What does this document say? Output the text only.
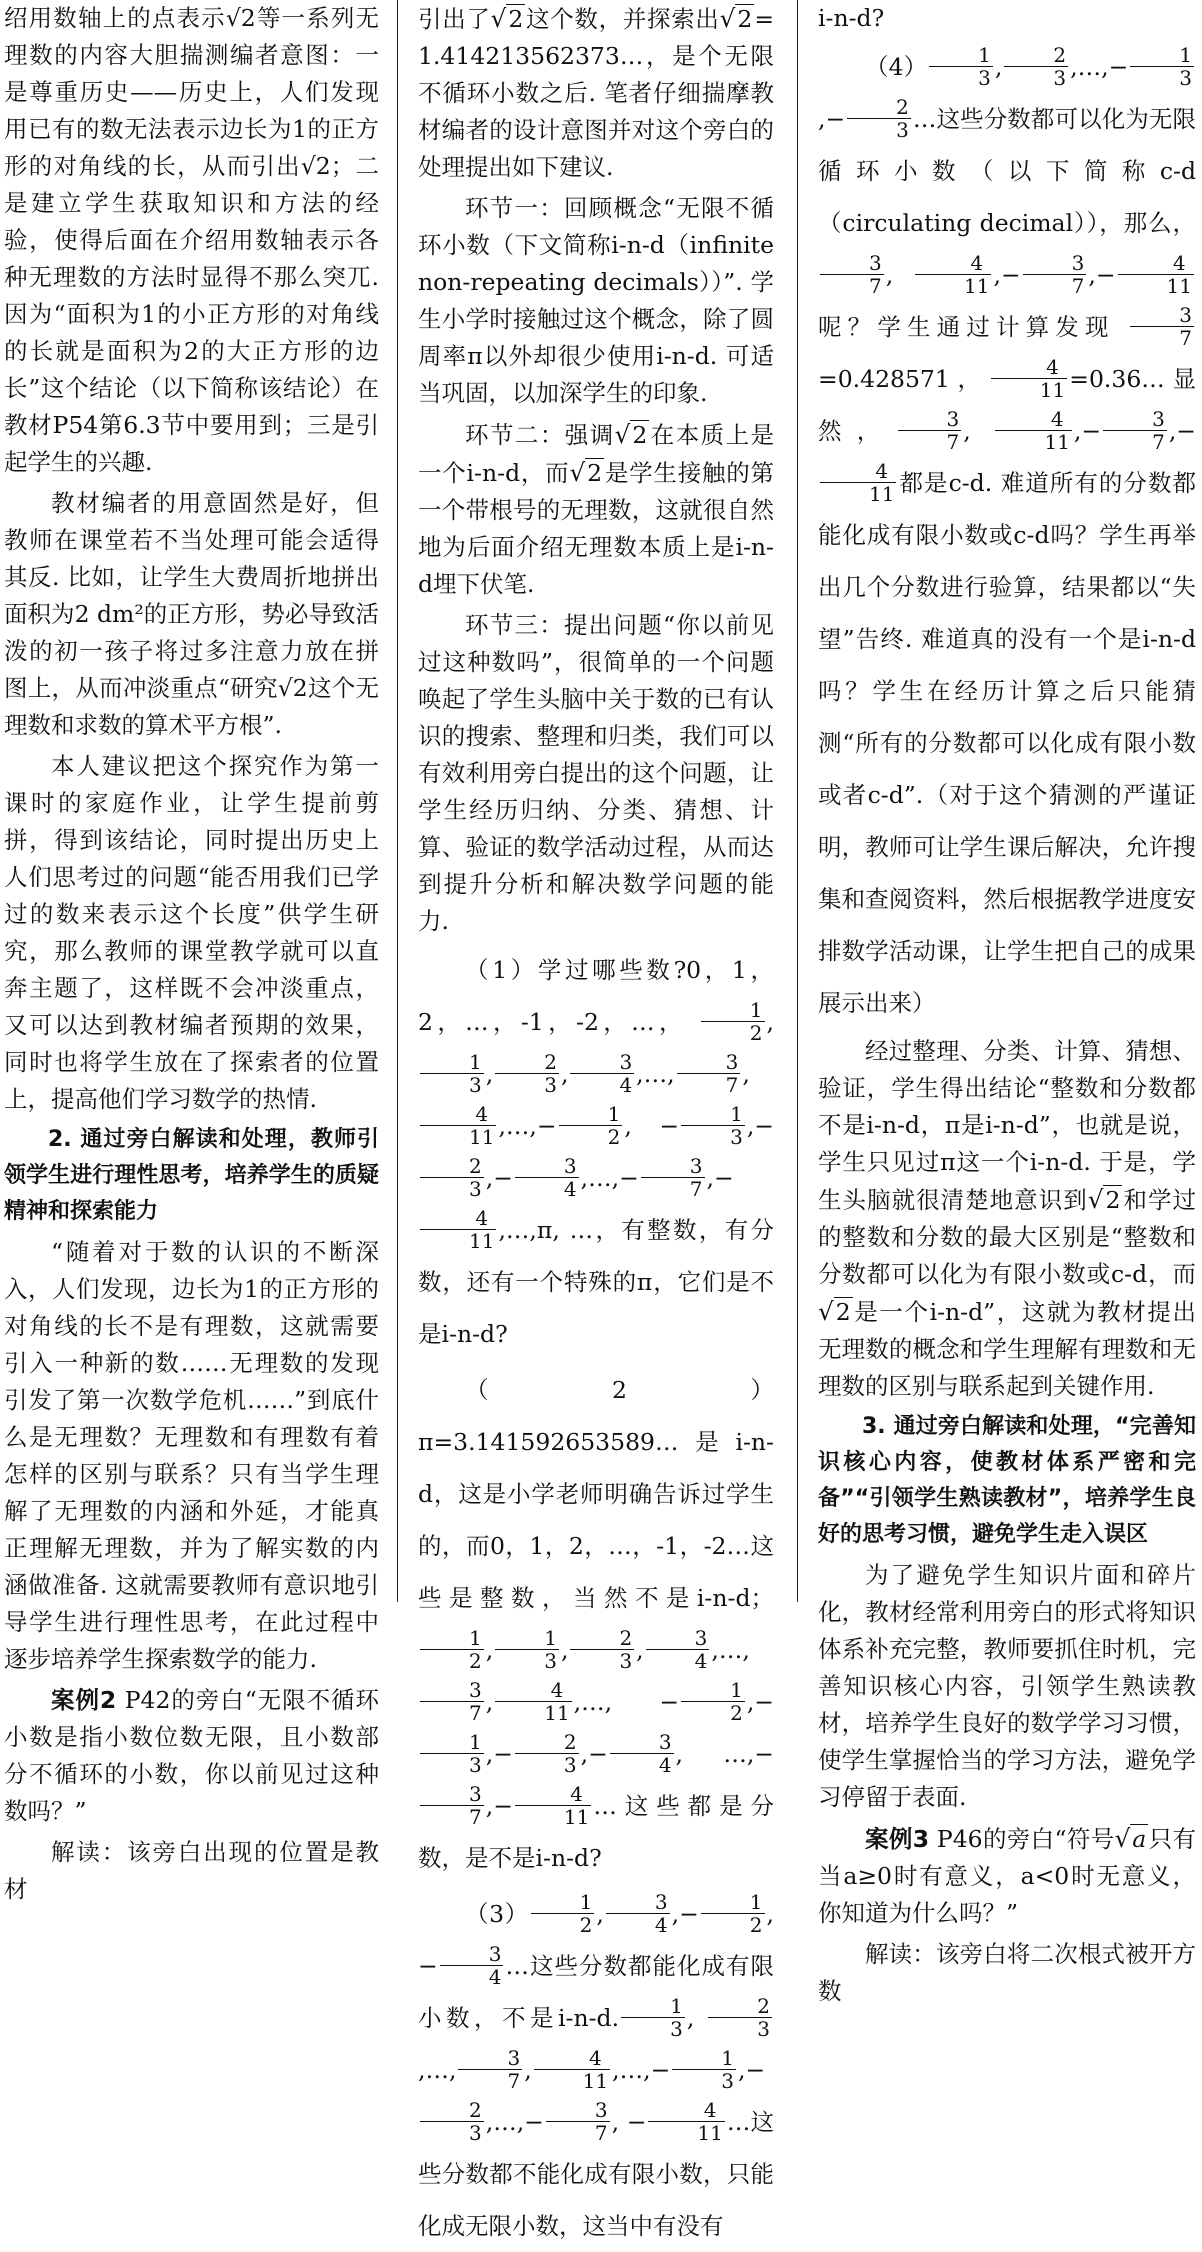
绍用数轴上的点表示√2等一系列无理数的内容大胆揣测编者意图：一是尊重历史——历史上，人们发现用已有的数无法表示边长为1的正方形的对角线的长，从而引出√2；二是建立学生获取知识和方法的经验，使得后面在介绍用数轴表示各种无理数的方法时显得不那么突兀. 因为“面积为1的小正方形的对角线的长就是面积为2的大正方形的边长”这个结论（以下简称该结论）在教材P54第6.3节中要用到；三是引起学生的兴趣.

教材编者的用意固然是好，但教师在课堂若不当处理可能会适得其反. 比如，让学生大费周折地拼出面积为2 dm²的正方形，势必导致活泼的初一孩子将过多注意力放在拼图上，从而冲淡重点“研究√2这个无理数和求数的算术平方根”.

本人建议把这个探究作为第一课时的家庭作业，让学生提前剪拼，得到该结论，同时提出历史上人们思考过的问题“能否用我们已学过的数来表示这个长度”供学生研究，那么教师的课堂教学就可以直奔主题了，这样既不会冲淡重点，又可以达到教材编者预期的效果，同时也将学生放在了探索者的位置上，提高他们学习数学的热情.

2. 通过旁白解读和处理，教师引领学生进行理性思考，培养学生的质疑精神和探索能力

“随着对于数的认识的不断深入，人们发现，边长为1的正方形的对角线的长不是有理数，这就需要引入一种新的数……无理数的发现引发了第一次数学危机……”到底什么是无理数？无理数和有理数有着怎样的区别与联系？只有当学生理解了无理数的内涵和外延，才能真正理解无理数，并为了解实数的内涵做准备. 这就需要教师有意识地引导学生进行理性思考，在此过程中逐步培养学生探索数学的能力.

案例2 P42的旁白“无限不循环小数是指小数位数无限，且小数部分不循环的小数，你以前见过这种数吗？”

解读：该旁白出现的位置是教材

引出了√2这个数，并探索出√2= 1.414213562373…，是个无限不循环小数之后. 笔者仔细揣摩教材编者的设计意图并对这个旁白的处理提出如下建议.

环节一：回顾概念“无限不循环小数（下文简称i-n-d（infinite non-repeating decimals））”. 学生小学时接触过这个概念，除了圆周率π以外却很少使用i-n-d. 可适当巩固，以加深学生的印象.

环节二：强调√2在本质上是一个i-n-d，而√2是学生接触的第一个带根号的无理数，这就很自然地为后面介绍无理数本质上是i-n-d埋下伏笔.

环节三：提出问题“你以前见过这种数吗”，很简单的一个问题唤起了学生头脑中关于数的已有认识的搜索、整理和归类，我们可以有效利用旁白提出的这个问题，让学生经历归纳、分类、猜想、计算、验证的数学活动过程，从而达到提升分析和解决数学问题的能力.

（1）学过哪些数?0，1，2，…，-1，-2，…， $\frac{1}{2}$ ,
$\frac{1}{3}$ , $\frac{2}{3}$ , $\frac{3}{4}$ ,…, $\frac{3}{7}$ ,
$\frac{4}{11}$ ,…,− $\frac{1}{2}$ , − $\frac{1}{3}$ ,−
$\frac{2}{3}$ ,− $\frac{3}{4}$ ,…,− $\frac{3}{7}$ ,−
$\frac{4}{11}$ ,…,π, …，有整数，有分数，还有一个特殊的π，它们是不是i-n-d?

（2）π=3.141592653589…是i-n-d，这是小学老师明确告诉过学生的，而0，1，2，…，-1，-2…这些是整数，当然不是i-n-d；
$\frac{1}{2}$ , $\frac{1}{3}$ , $\frac{2}{3}$ , $\frac{3}{4}$ ,…,
$\frac{3}{7}$ , $\frac{4}{11}$ ,…, − $\frac{1}{2}$ ,−
$\frac{1}{3}$ ,− $\frac{2}{3}$ ,− $\frac{3}{4}$ , …,−
$\frac{3}{7}$ ,− $\frac{4}{11}$ …这些都是分数，是不是i-n-d?

$(3) \frac{1}{2}$ , $\frac{3}{4}$ ,− $\frac{1}{2}$ ,− $\frac{3}{4}$ …这些分数都能化成有限小数，不是i-n-d. $\frac{1}{3}$ , $\frac{2}{3}$
,…, $\frac{3}{7}$ , $\frac{4}{11}$ ,…,− $\frac{1}{3}$ ,−
$\frac{2}{3}$ ,…,− $\frac{3}{7}$ , − $\frac{4}{11}$ …这些分数都不能化成有限小数，只能化成无限小数，这当中有没有

i-n-d?

$(4) \frac{1}{3}$ , $\frac{2}{3}$ ,…,− $\frac{1}{3}$
,− $\frac{2}{3}$ …这些分数都可以化为无限循环小数（以下简称c-d（circulating decimal）），那么，
$\frac{3}{7}$ , $\frac{4}{11}$ ,− $\frac{3}{7}$ ,− $\frac{4}{11}$
呢？学生通过计算发现 $\frac{3}{7}$
=0.428571， $\frac{4}{11}$ =0.36…显然， $\frac{3}{7}$ , $\frac{4}{11}$ ,− $\frac{3}{7}$ ,−
$\frac{4}{11}$ 都是c-d. 难道所有的分数都能化成有限小数或c-d吗？学生再举出几个分数进行验算，结果都以“失望”告终. 难道真的没有一个是i-n-d吗？学生在经历计算之后只能猜测“所有的分数都可以化成有限小数或者c-d”.（对于这个猜测的严谨证明，教师可让学生课后解决，允许搜集和查阅资料，然后根据教学进度安排数学活动课，让学生把自己的成果展示出来）

经过整理、分类、计算、猜想、验证，学生得出结论“整数和分数都不是i-n-d，π是i-n-d”，也就是说，学生只见过π这一个i-n-d. 于是，学生头脑就很清楚地意识到√2和学过的整数和分数的最大区别是“整数和分数都可以化为有限小数或c-d，而√2是一个i-n-d”，这就为教材提出无理数的概念和学生理解有理数和无理数的区别与联系起到关键作用.

3. 通过旁白解读和处理，“完善知识核心内容，使教材体系严密和完备”“引领学生熟读教材”，培养学生良好的思考习惯，避免学生走入误区

为了避免学生知识片面和碎片化，教材经常利用旁白的形式将知识体系补充完整，教师要抓住时机，完善知识核心内容，引领学生熟读教材，培养学生良好的数学学习习惯，使学生掌握恰当的学习方法，避免学习停留于表面.

案例3 P46的旁白“符号√a只有当a≥0时有意义，a<0时无意义，你知道为什么吗？”

解读：该旁白将二次根式被开方数
